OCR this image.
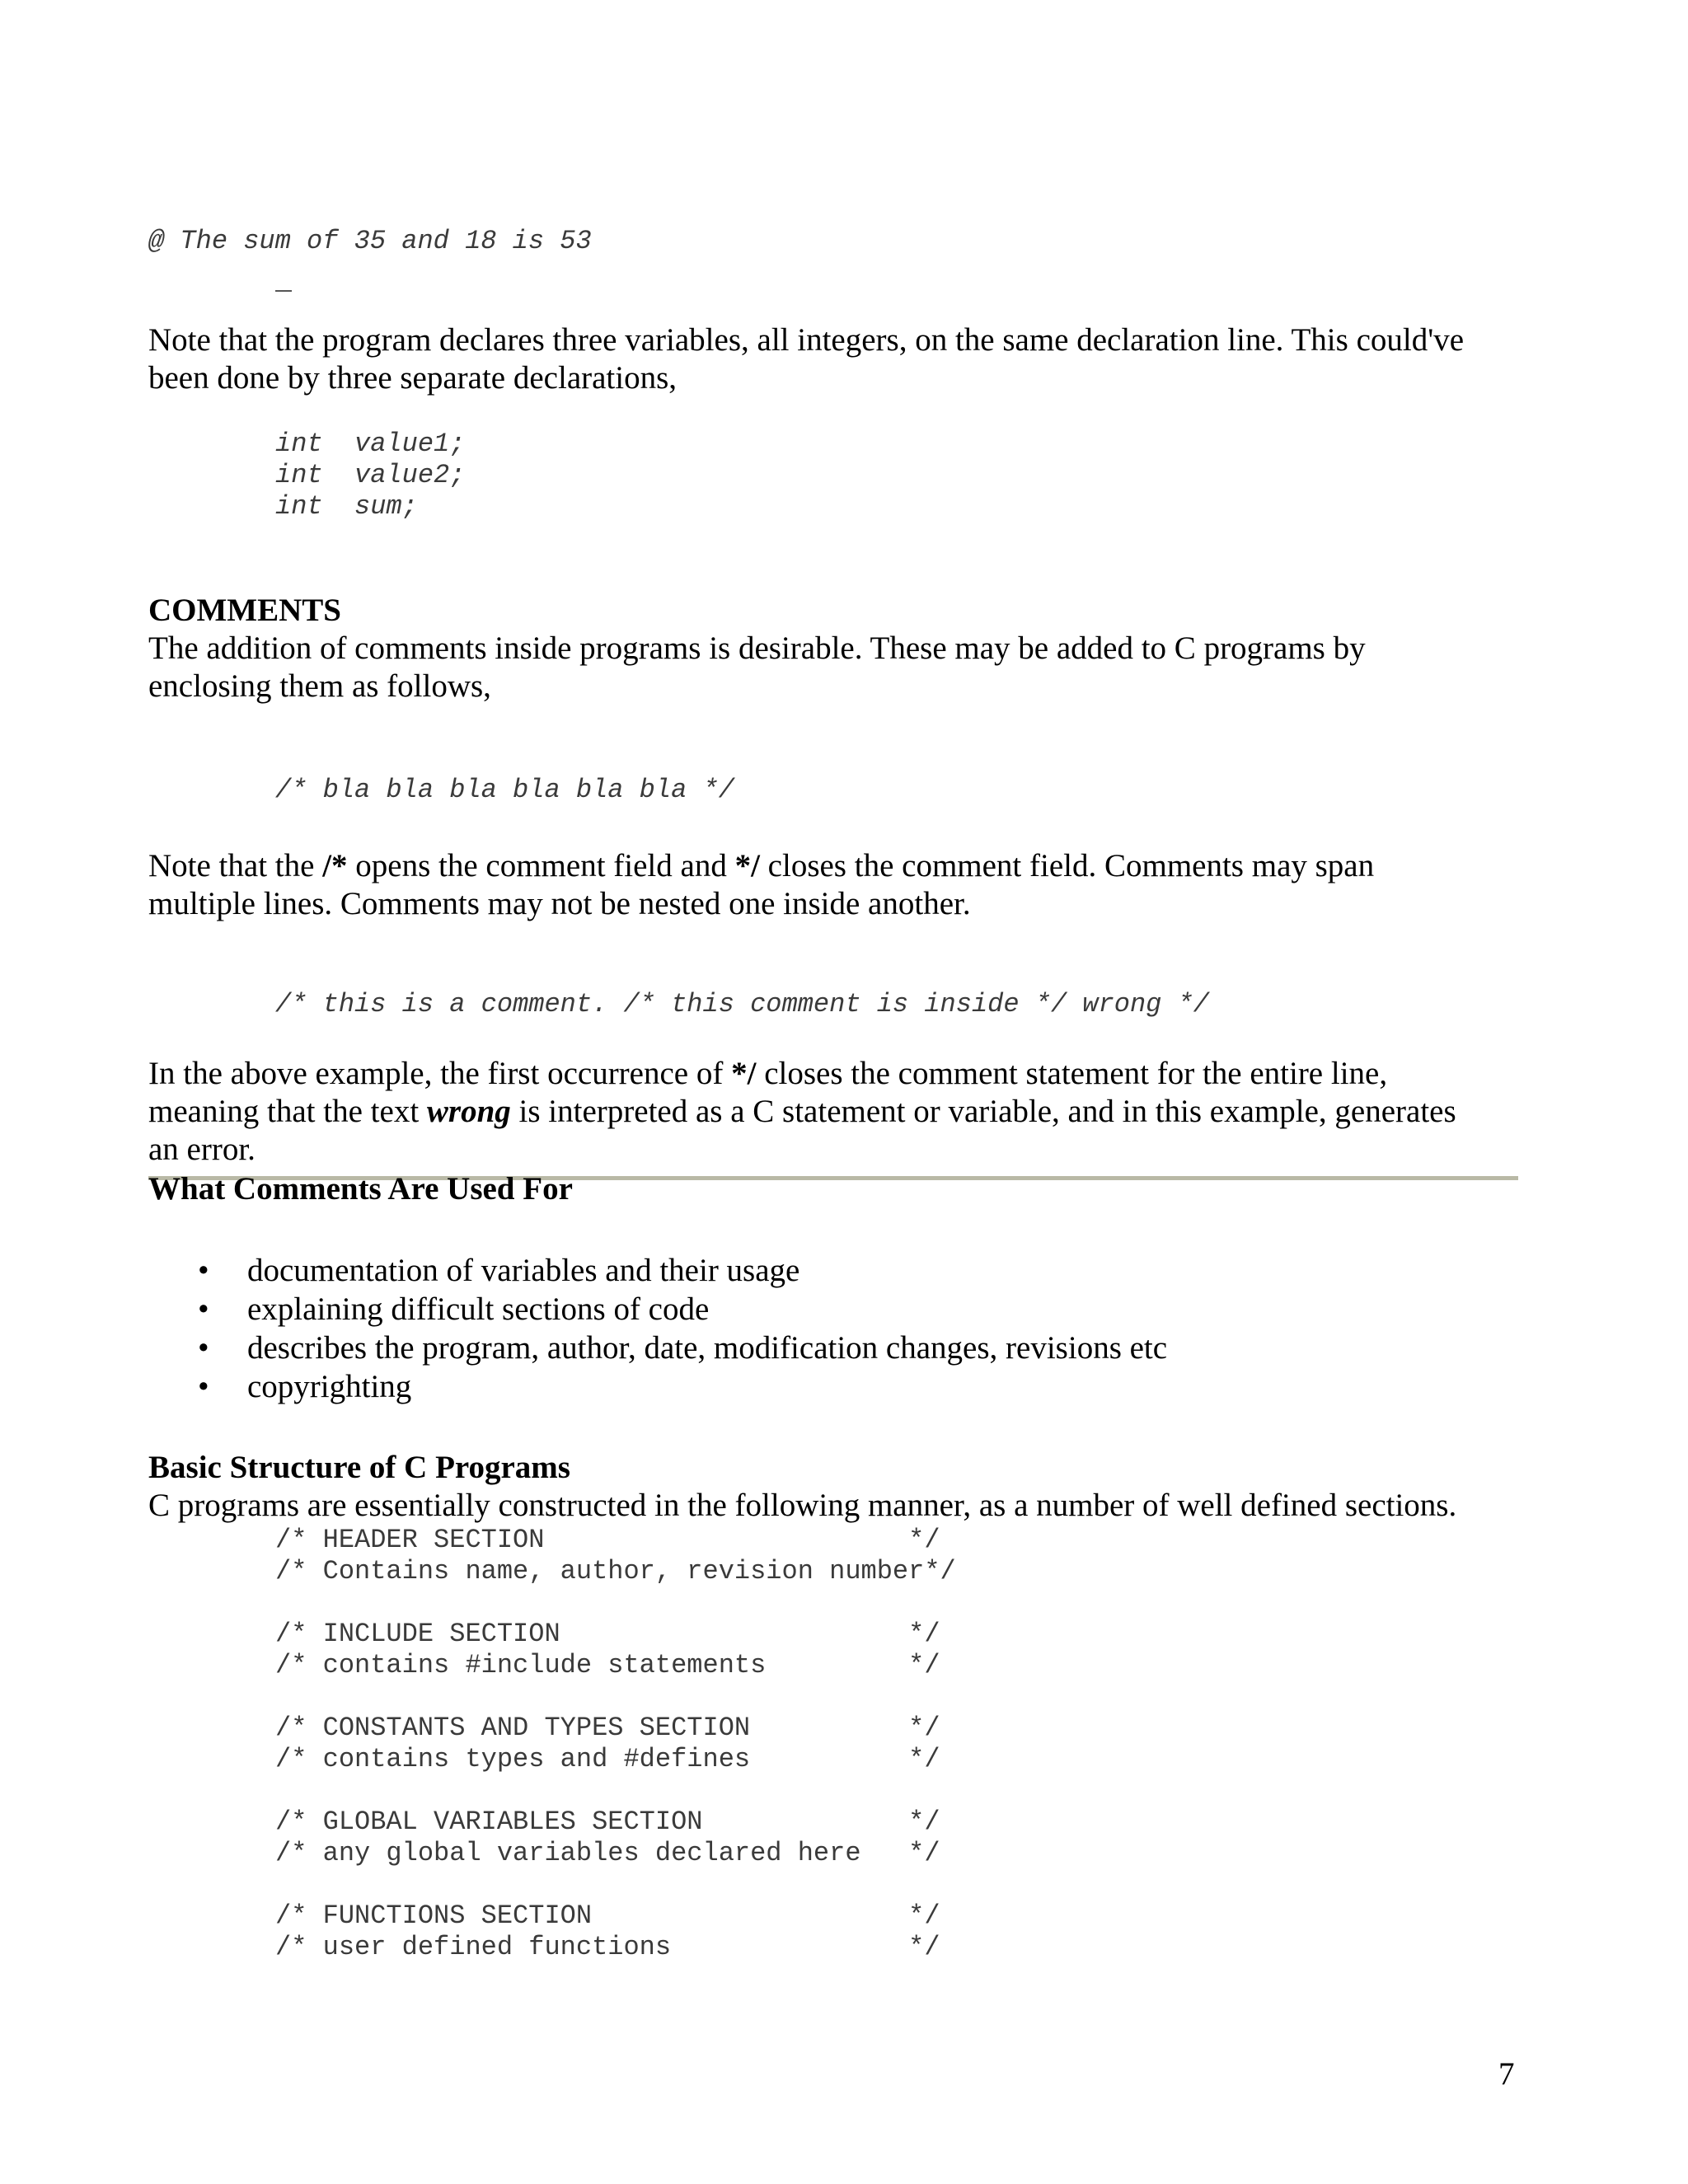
@ The sum of 35 and 18 is 53
Note that the program declares three variables, all integers, on the same declaration line. This could've
been done by three separate declarations,
int  value1;
int  value2;
int  sum;
COMMENTS
The addition of comments inside programs is desirable. These may be added to C programs by
enclosing them as follows,
/* bla bla bla bla bla bla */
Note that the /* opens the comment field and */ closes the comment field. Comments may span
multiple lines. Comments may not be nested one inside another.
/* this is a comment. /* this comment is inside */ wrong */
In the above example, the first occurrence of */ closes the comment statement for the entire line,
meaning that the text wrong is interpreted as a C statement or variable, and in this example, generates
an error.
What Comments Are Used For
• documentation of variables and their usage
• explaining difficult sections of code
• describes the program, author, date, modification changes, revisions etc
• copyrighting
Basic Structure of C Programs
C programs are essentially constructed in the following manner, as a number of well defined sections.
/* HEADER SECTION                       */
/* Contains name, author, revision number*/
/* INCLUDE SECTION                      */
/* contains #include statements         */
/* CONSTANTS AND TYPES SECTION          */
/* contains types and #defines          */
/* GLOBAL VARIABLES SECTION             */
/* any global variables declared here   */
/* FUNCTIONS SECTION                    */
/* user defined functions               */
7
